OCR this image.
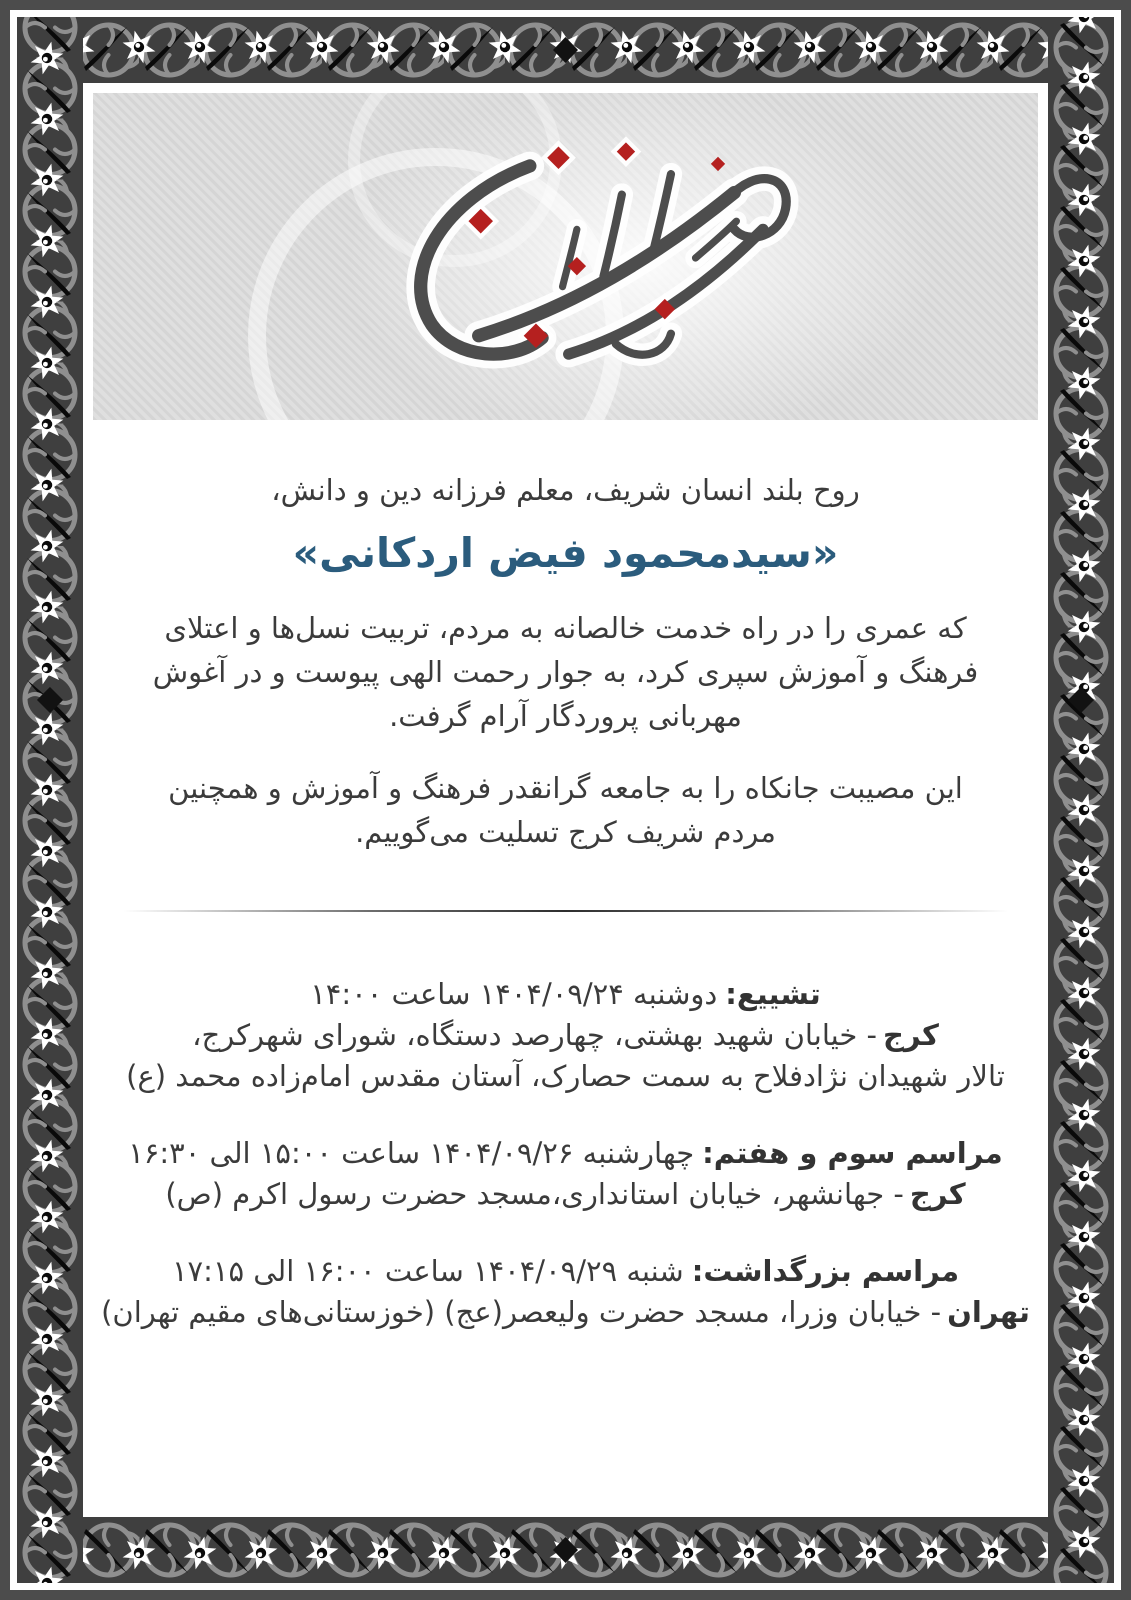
روح بلند انسان شریف، معلم فرزانه دین و دانش،
«سیدمحمود فیض اردکانی»
که عمری را در راه خدمت خالصانه به مردم، تربیت نسل‌ها و اعتلای فرهنگ و آموزش سپری کرد، به جوار رحمت الهی پیوست و در آغوش مهربانی پروردگار آرام گرفت.
این مصیبت جانکاه را به جامعه گرانقدر فرهنگ و آموزش و همچنین مردم شریف کرج تسلیت می‌گوییم.
تشییع:دوشنبه ۱۴۰۴/۰۹/۲۴ ساعت ۱۴:۰۰
کرج- خیابان شهید بهشتی، چهارصد دستگاه، شورای شهرکرج،
تالار شهیدان نژادفلاح به سمت حصارک، آستان مقدس امام‌زاده محمد (ع)
مراسم سوم و هفتم:چهارشنبه ۱۴۰۴/۰۹/۲۶ ساعت ۱۵:۰۰ الی ۱۶:۳۰
کرج- جهانشهر، خیابان استانداری،مسجد حضرت رسول اکرم (ص)
مراسم بزرگداشت:شنبه ۱۴۰۴/۰۹/۲۹ ساعت ۱۶:۰۰ الی ۱۷:۱۵
تهران- خیابان وزرا، مسجد حضرت ولیعصر(عج) (خوزستانی‌های مقیم تهران)
